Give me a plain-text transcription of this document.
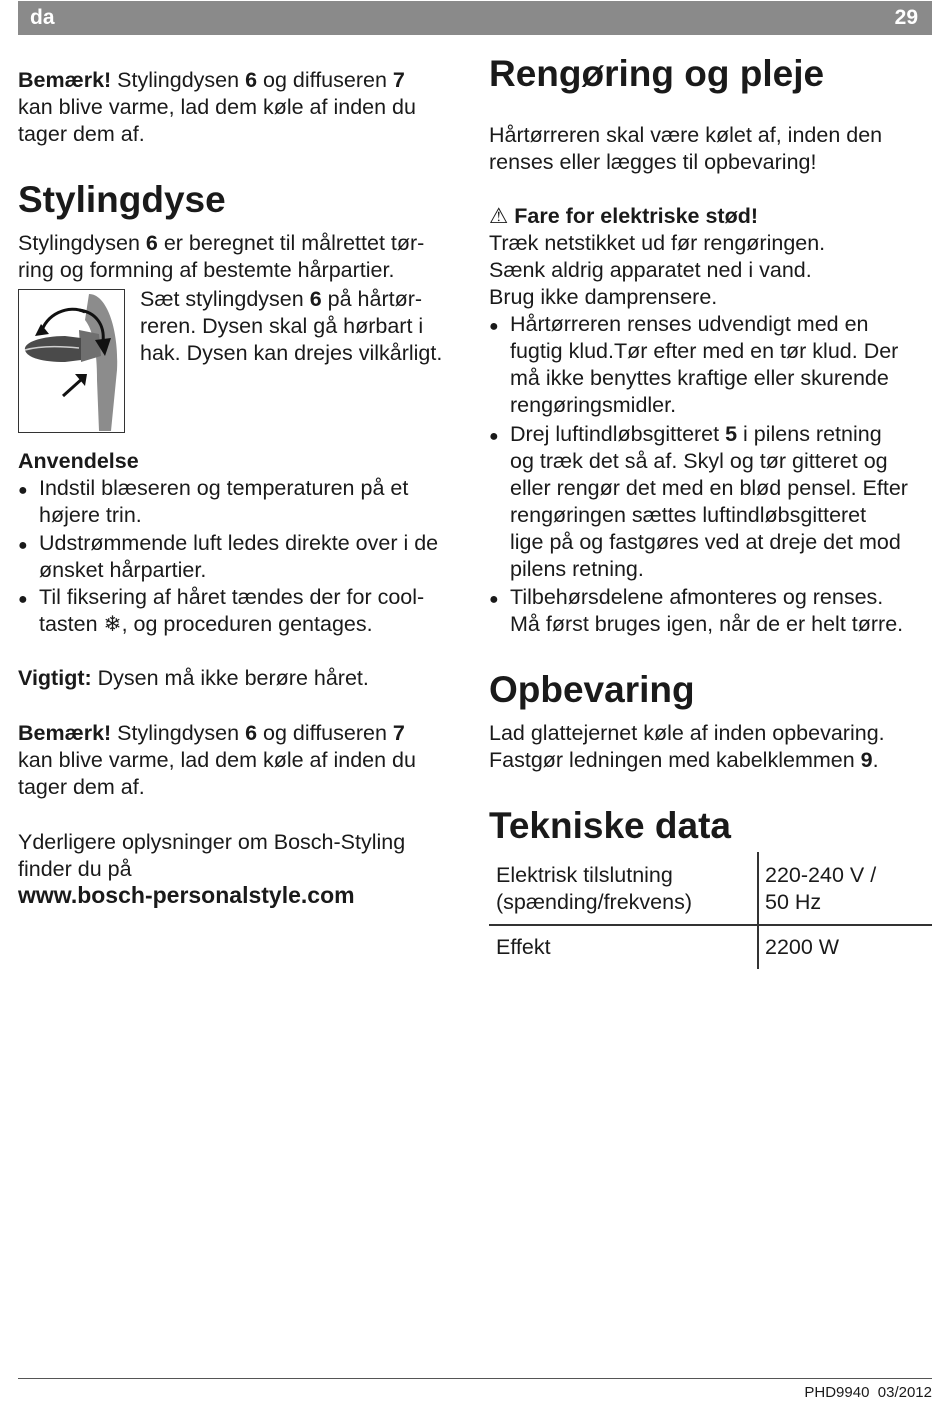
da	29
Bemærk! Stylingdysen 6 og diffuseren 7
kan blive varme, lad dem køle af inden du
tager dem af.
Stylingdyse
Stylingdysen 6 er beregnet til målrettet tør-
ring og formning af bestemte hårpartier.
Sæt stylingdysen 6 på hårtør-
reren. Dysen skal gå hørbart i
hak. Dysen kan drejes vilkårligt.
Anvendelse
● Indstil blæseren og temperaturen på et
højere trin.
● Udstrømmende luft ledes direkte over i de
ønsket hårpartier.
● Til fiksering af håret tændes der for cool-
tasten ❄, og proceduren gentages.
Vigtigt: Dysen må ikke berøre håret.
Bemærk! Stylingdysen 6 og diffuseren 7
kan blive varme, lad dem køle af inden du
tager dem af.
Yderligere oplysninger om Bosch-Styling
finder du på
www.bosch-personalstyle.com
Rengøring og pleje
Hårtørreren skal være kølet af, inden den
renses eller lægges til opbevaring!
⚠ Fare for elektriske stød!
Træk netstikket ud før rengøringen.
Sænk aldrig apparatet ned i vand.
Brug ikke damprensere.
● Hårtørreren renses udvendigt med en
fugtig klud.Tør efter med en tør klud. Der
må ikke benyttes kraftige eller skurende
rengøringsmidler.
● Drej luftindløbsgitteret 5 i pilens retning
og træk det så af. Skyl og tør gitteret og
eller rengør det med en blød pensel. Efter
rengøringen sættes luftindløbsgitteret
lige på og fastgøres ved at dreje det mod
pilens retning.
● Tilbehørsdelene afmonteres og renses.
Må først bruges igen, når de er helt tørre.
Opbevaring
Lad glattejernet køle af inden opbevaring.
Fastgør ledningen med kabelklemmen 9.
Tekniske data
Elektrisk tilslutning
(spænding/frekvens)
220-240 V /
50 Hz
Effekt	2200 W
PHD9940 03/2012
